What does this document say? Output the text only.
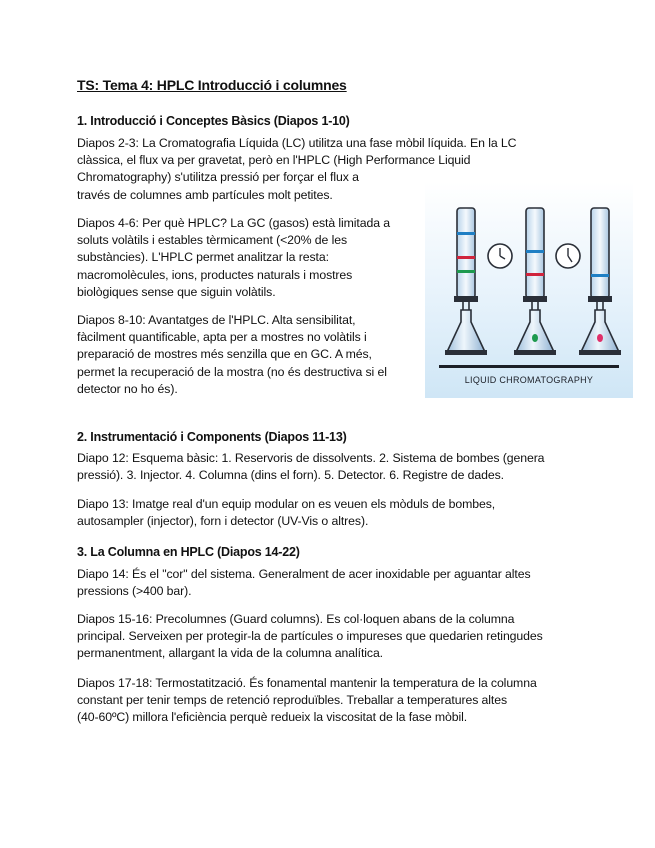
TS: Tema 4: HPLC Introducció i columnes
1. Introducció i Conceptes Bàsics (Diapos 1-10)
Diapos 2-3: La Cromatografia Líquida (LC) utilitza una fase mòbil líquida. En la LC
clàssica, el flux va per gravetat, però en l'HPLC (High Performance Liquid
Chromatography) s'utilitza pressió per forçar el flux a
través de columnes amb partícules molt petites.
Diapos 4-6: Per què HPLC? La GC (gasos) està limitada a
soluts volàtils i estables tèrmicament (<20% de les
substàncies). L'HPLC permet analitzar la resta:
macromolècules, ions, productes naturals i mostres
biològiques sense que siguin volàtils.
Diapos 8-10: Avantatges de l'HPLC. Alta sensibilitat,
fàcilment quantificable, apta per a mostres no volàtils i
preparació de mostres més senzilla que en GC. A més,
permet la recuperació de la mostra (no és destructiva si el
detector no ho és).
LIQUID CHROMATOGRAPHY
2. Instrumentació i Components (Diapos 11-13)
Diapo 12: Esquema bàsic: 1. Reservoris de dissolvents. 2. Sistema de bombes (genera
pressió). 3. Injector. 4. Columna (dins el forn). 5. Detector. 6. Registre de dades.
Diapo 13: Imatge real d'un equip modular on es veuen els mòduls de bombes,
autosampler (injector), forn i detector (UV-Vis o altres).
3. La Columna en HPLC (Diapos 14-22)
Diapo 14: És el "cor" del sistema. Generalment de acer inoxidable per aguantar altes
pressions (>400 bar).
Diapos 15-16: Precolumnes (Guard columns). Es col·loquen abans de la columna
principal. Serveixen per protegir-la de partícules o impureses que quedarien retingudes
permanentment, allargant la vida de la columna analítica.
Diapos 17-18: Termostatització. És fonamental mantenir la temperatura de la columna
constant per tenir temps de retenció reproduïbles. Treballar a temperatures altes
(40-60ºC) millora l'eficiència perquè redueix la viscositat de la fase mòbil.
